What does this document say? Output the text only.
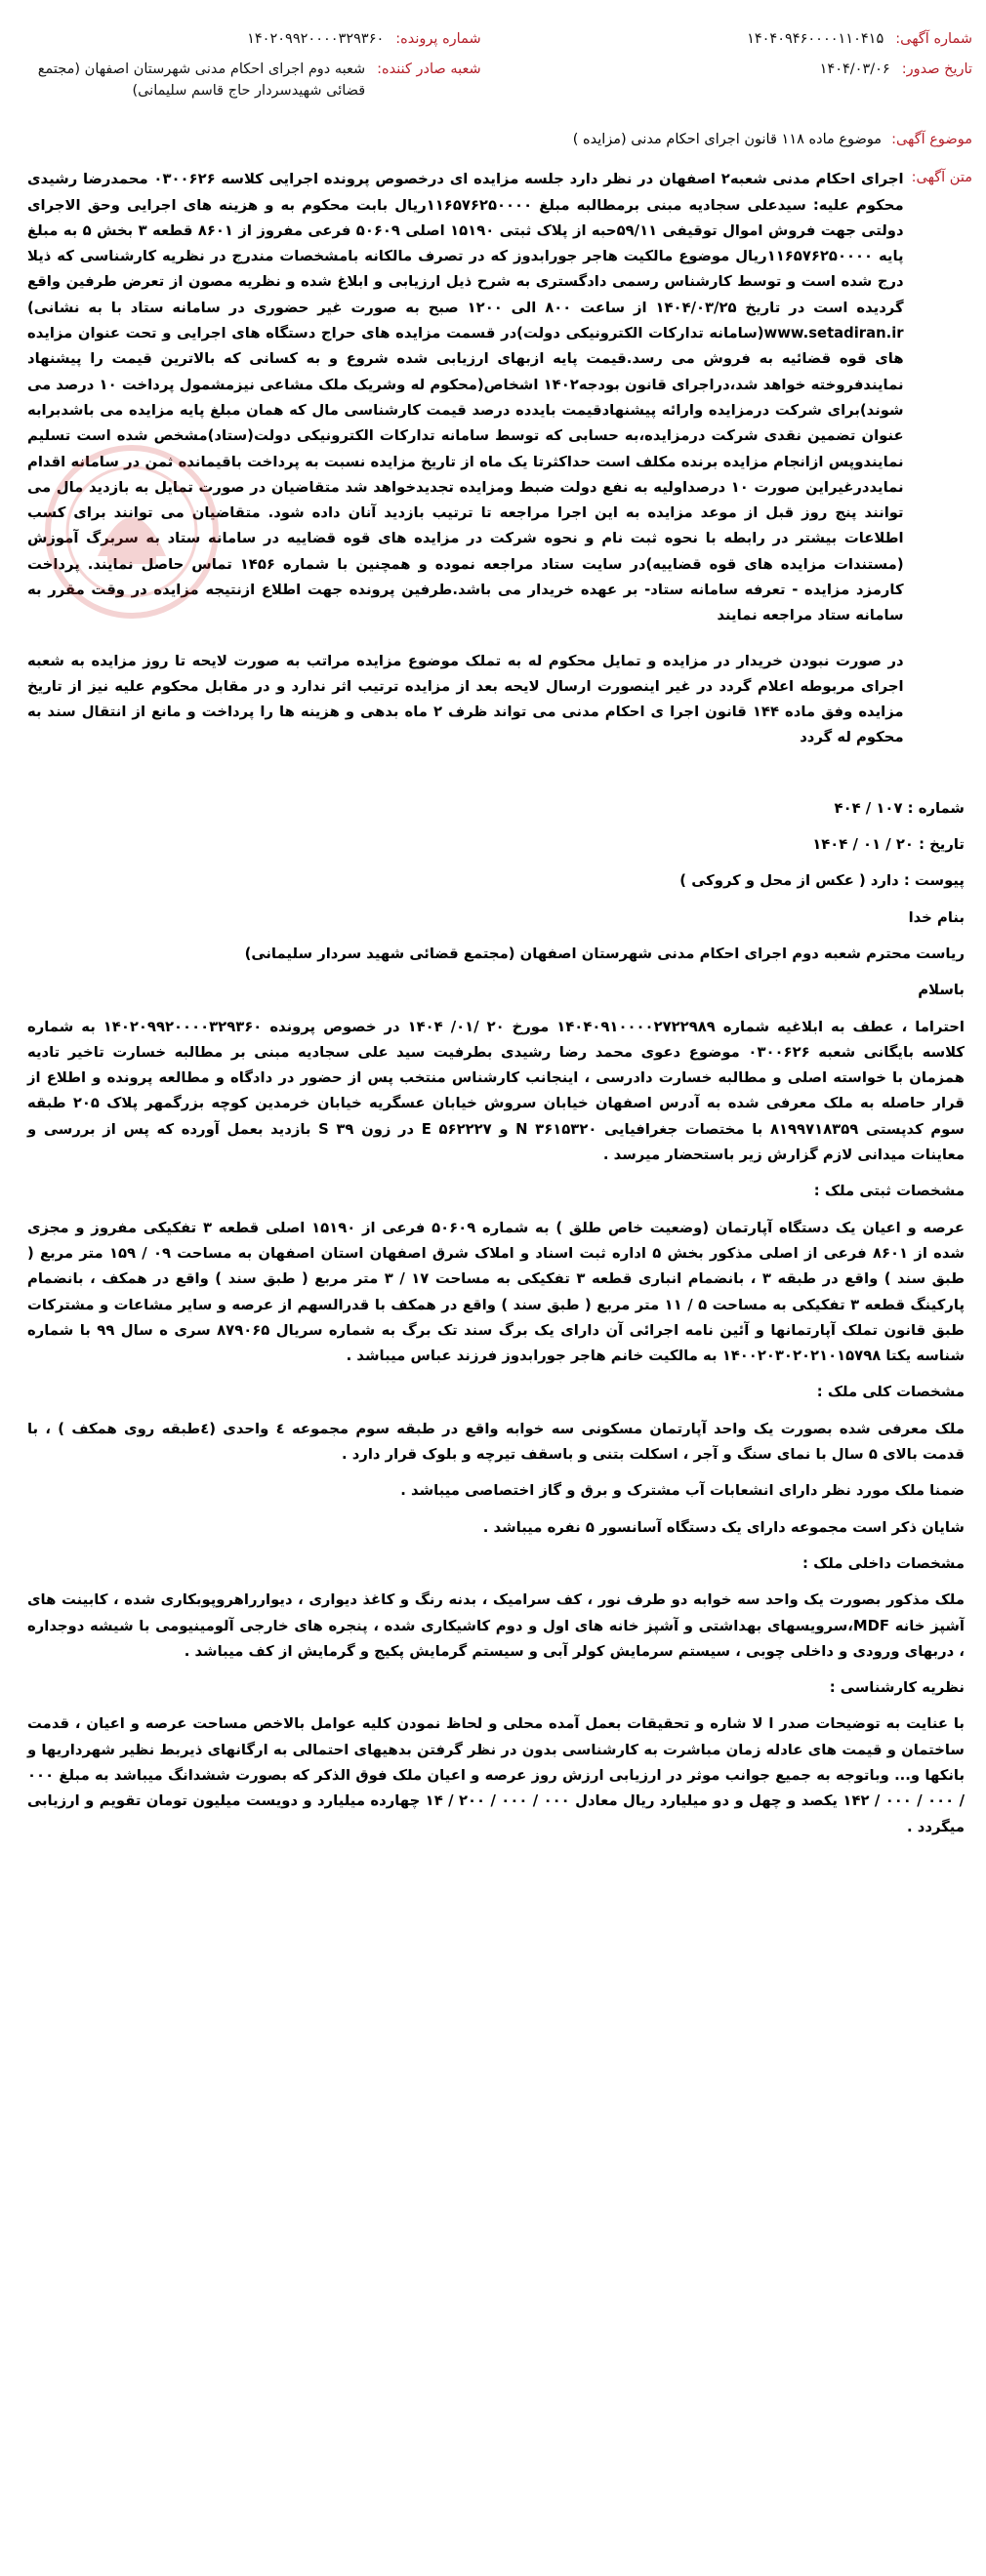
شماره آگهی:
۱۴۰۴۰۹۴۶۰۰۰۰۱۱۰۴۱۵
تاریخ صدور:
۱۴۰۴/۰۳/۰۶
شماره پرونده:
۱۴۰۲۰۹۹۲۰۰۰۰۳۲۹۳۶۰
شعبه صادر کننده:
شعبه دوم اجرای احکام مدنی شهرستان اصفهان (مجتمع قضائی شهیدسردار حاج قاسم سلیمانی)
موضوع آگهی:
موضوع ماده ۱۱۸ قانون اجرای احکام مدنی (مزایده )
متن آگهی:

اجرای احکام مدنی شعبه۲ اصفهان در نظر دارد جلسه مزایده ای درخصوص پرونده اجرایی کلاسه ۰۳۰۰۶۲۶ محمدرضا رشیدی محکوم علیه: سیدعلی سجادیه مبنی برمطالبه مبلغ ۱۱۶۵۷۶۲۵۰۰۰۰ریال بابت محکوم به و هزینه های اجرایی وحق الاجرای دولتی جهت فروش اموال توقیفی ۵۹/۱۱حبه از پلاک ثبتی ۱۵۱۹۰ اصلی ۵۰۶۰۹ فرعی مفروز از ۸۶۰۱ قطعه ۳ بخش ۵ به مبلغ پایه ۱۱۶۵۷۶۲۵۰۰۰۰ریال موضوع مالکیت هاجر جورابدوز که در تصرف مالکانه بامشخصات مندرج در نظریه کارشناسی که ذیلا درج شده است و توسط کارشناس رسمی دادگستری به شرح ذیل ارزیابی و ابلاغ شده و نظریه مصون از تعرض طرفین واقع گردیده است در تاریخ ۱۴۰۴/۰۳/۲۵ از ساعت ۸۰۰ الی ۱۲۰۰ صبح به صورت غیر حضوری در سامانه ستاد با به نشانی) www.setadiran.ir(سامانه تدارکات الکترونیکی دولت)در قسمت مزایده های حراج دستگاه های اجرایی و تحت عنوان مزایده های قوه قضائیه به فروش می رسد.قیمت پایه ازبهای ارزیابی شده شروع و به کسانی که بالاترین قیمت را پیشنهاد نمایندفروخته خواهد شد،دراجرای قانون بودجه۱۴۰۲ اشخاص(محکوم له وشریک ملک مشاعی نیزمشمول پرداخت ۱۰ درصد می شوند)برای شرکت درمزایده وارائه پیشنهادقیمت بایدده درصد قیمت کارشناسی مال که همان مبلغ پایه مزایده می باشدبرابه عنوان تضمین نقدی شرکت درمزایده،به حسابی که توسط سامانه تدارکات الکترونیکی دولت(ستاد)مشخص شده است تسلیم نمایندوپس ازانجام مزایده برنده مکلف است حداکثرتا یک ماه از تاریخ مزایده نسبت به پرداخت باقیمانده ثمن در سامانه اقدام نمایددرغیراین صورت ۱۰ درصداولیه به نفع دولت ضبط ومزایده تجدیدخواهد شد متقاضیان در صورت تمایل به بازدید مال می توانند پنج روز قبل از موعد مزایده به این اجرا مراجعه تا ترتیب بازدید آنان داده شود. متقاضیان می توانند برای کسب اطلاعات بیشتر در رابطه با نحوه ثبت نام و نحوه شرکت در مزایده های قوه قضاییه در سامانه ستاد به سربرگ آموزش (مستندات مزایده های قوه قضاییه)در سایت ستاد مراجعه نموده و همچنین با شماره ۱۴۵۶ تماس حاصل نمایند. پرداخت کارمزد مزایده - تعرفه سامانه ستاد- بر عهده خریدار می باشد.طرفین پرونده جهت اطلاع ازنتیجه مزایده در وقت مقرر به سامانه ستاد مراجعه نمایند

در صورت نبودن خریدار در مزایده و تمایل محکوم له به تملک موضوع مزایده مراتب به صورت لایحه تا روز مزایده به شعبه اجرای مربوطه اعلام گردد در غیر اینصورت ارسال لایحه بعد از مزایده ترتیب اثر ندارد و در مقابل محکوم علیه نیز از تاریخ مزایده وفق ماده ۱۴۴ قانون اجرا ی احکام مدنی می تواند ظرف ۲ ماه بدهی و هزینه ها را پرداخت و مانع از انتقال سند به محکوم له گردد

شماره : ۱۰۷ / ۴۰۴

تاریخ : ۲۰ / ۰۱ / ۱۴۰۴

پیوست : دارد ( عکس از محل و کروکی )

بنام خدا

ریاست محترم شعبه دوم اجرای احکام مدنی شهرستان اصفهان (مجتمع قضائی شهید سردار سلیمانی)

باسلام

احتراما ، عطف به ابلاغیه شماره ۱۴۰۴۰۹۱۰۰۰۰۲۷۲۲۹۸۹ مورخ ۲۰ /۰۱/ ۱۴۰۴ در خصوص پرونده ۱۴۰۲۰۹۹۲۰۰۰۰۳۲۹۳۶۰ به شماره کلاسه بایگانی شعبه ۰۳۰۰۶۲۶ موضوع دعوی محمد رضا رشیدی بطرفیت سید علی سجادیه مبنی بر مطالبه خسارت تاخیر تادیه همزمان با خواسته اصلی و مطالبه خسارت دادرسی ، اینجانب کارشناس منتخب پس از حضور در دادگاه و مطالعه پرونده و اطلاع از قرار حاصله به ملک معرفی شده به آدرس اصفهان خیابان سروش خیابان عسگریه خیابان خرمدین کوچه بزرگمهر پلاک ۲۰۵ طبقه سوم کدپستی ۸۱۹۹۷۱۸۳۵۹ با مختصات جغرافیایی ۳۶۱۵۳۲۰ N و ۵۶۲۲۲۷ E در زون ۳۹ S بازدید بعمل آورده که پس از بررسی و معاینات میدانی لازم گزارش زیر باستحضار میرسد .

مشخصات ثبتی ملک :

عرصه و اعیان یک دستگاه آپارتمان (وضعیت خاص طلق ) به شماره ۵۰۶۰۹ فرعی از ۱۵۱۹۰ اصلی قطعه ۳ تفکیکی مفروز و مجزی شده از ۸۶۰۱ فرعی از اصلی مذکور بخش ۵ اداره ثبت اسناد و املاک شرق اصفهان استان اصفهان به مساحت ۰۹ / ۱۵۹ متر مربع ( طبق سند ) واقع در طبقه ۳ ، بانضمام انباری قطعه ۳ تفکیکی به مساحت ۱۷ / ۳ متر مربع ( طبق سند ) واقع در همکف ، بانضمام پارکینگ قطعه ۳ تفکیکی به مساحت ۵ / ۱۱ متر مربع ( طبق سند ) واقع در همکف با قدرالسهم از عرصه و سایر مشاعات و مشترکات طبق قانون تملک آپارتمانها و آئین نامه اجرائی آن دارای یک برگ سند تک برگ به شماره سریال ۸۷۹۰۶۵ سری ه سال ۹۹ با شماره شناسه یکتا ۱۴۰۰۲۰۳۰۲۰۲۱۰۱۵۷۹۸ به مالکیت خانم هاجر جورابدوز فرزند عباس میباشد .

مشخصات کلی ملک :

ملک معرفی شده بصورت یک واحد آپارتمان مسکونی سه خوابه واقع در طبقه سوم مجموعه ٤ واحدی (٤طبقه روی همکف ) ، با قدمت بالای ۵ سال با نمای سنگ و آجر ، اسکلت بتنی و باسقف تیرچه و بلوک قرار دارد .

ضمنا ملک مورد نظر دارای انشعابات آب مشترک و برق و گاز اختصاصی میباشد .

شایان ذکر است مجموعه دارای یک دستگاه آسانسور ۵ نفره میباشد .

مشخصات داخلی ملک :

ملک مذکور بصورت یک واحد سه خوابه دو طرف نور ، کف سرامیک ، بدنه رنگ و کاغذ دیواری ، دیوارراهروپوبکاری شده ، کابینت های آشپز خانه MDF،سرویسهای بهداشتی و آشپز خانه های اول و دوم کاشیکاری شده ، پنجره های خارجی آلومینیومی با شیشه دوجداره ، دربهای ورودی و داخلی چوبی ، سیستم سرمایش کولر آبی و سیستم گرمایش پکیج و گرمایش از کف میباشد .

نظریه کارشناسی :

با عنایت به توضیحات صدر ا لا شاره و تحقیقات بعمل آمده محلی و لحاظ نمودن کلیه عوامل بالاخص مساحت عرصه و اعیان ، قدمت ساختمان و قیمت های عادله زمان مباشرت به کارشناسی بدون در نظر گرفتن بدهیهای احتمالی به ارگانهای ذیربط نظیر شهرداریها و بانکها و... وباتوجه به جمیع جوانب موثر در ارزیابی ارزش روز عرصه و اعیان ملک فوق الذکر که بصورت ششدانگ میباشد به مبلغ ۰۰۰ / ۰۰۰ / ۰۰۰ / ۱۴۲ یکصد و چهل و دو میلیارد ریال معادل ۰۰۰ / ۰۰۰ / ۲۰۰ / ۱۴ چهارده میلیارد و دویست میلیون تومان تقویم و ارزیابی میگردد .
